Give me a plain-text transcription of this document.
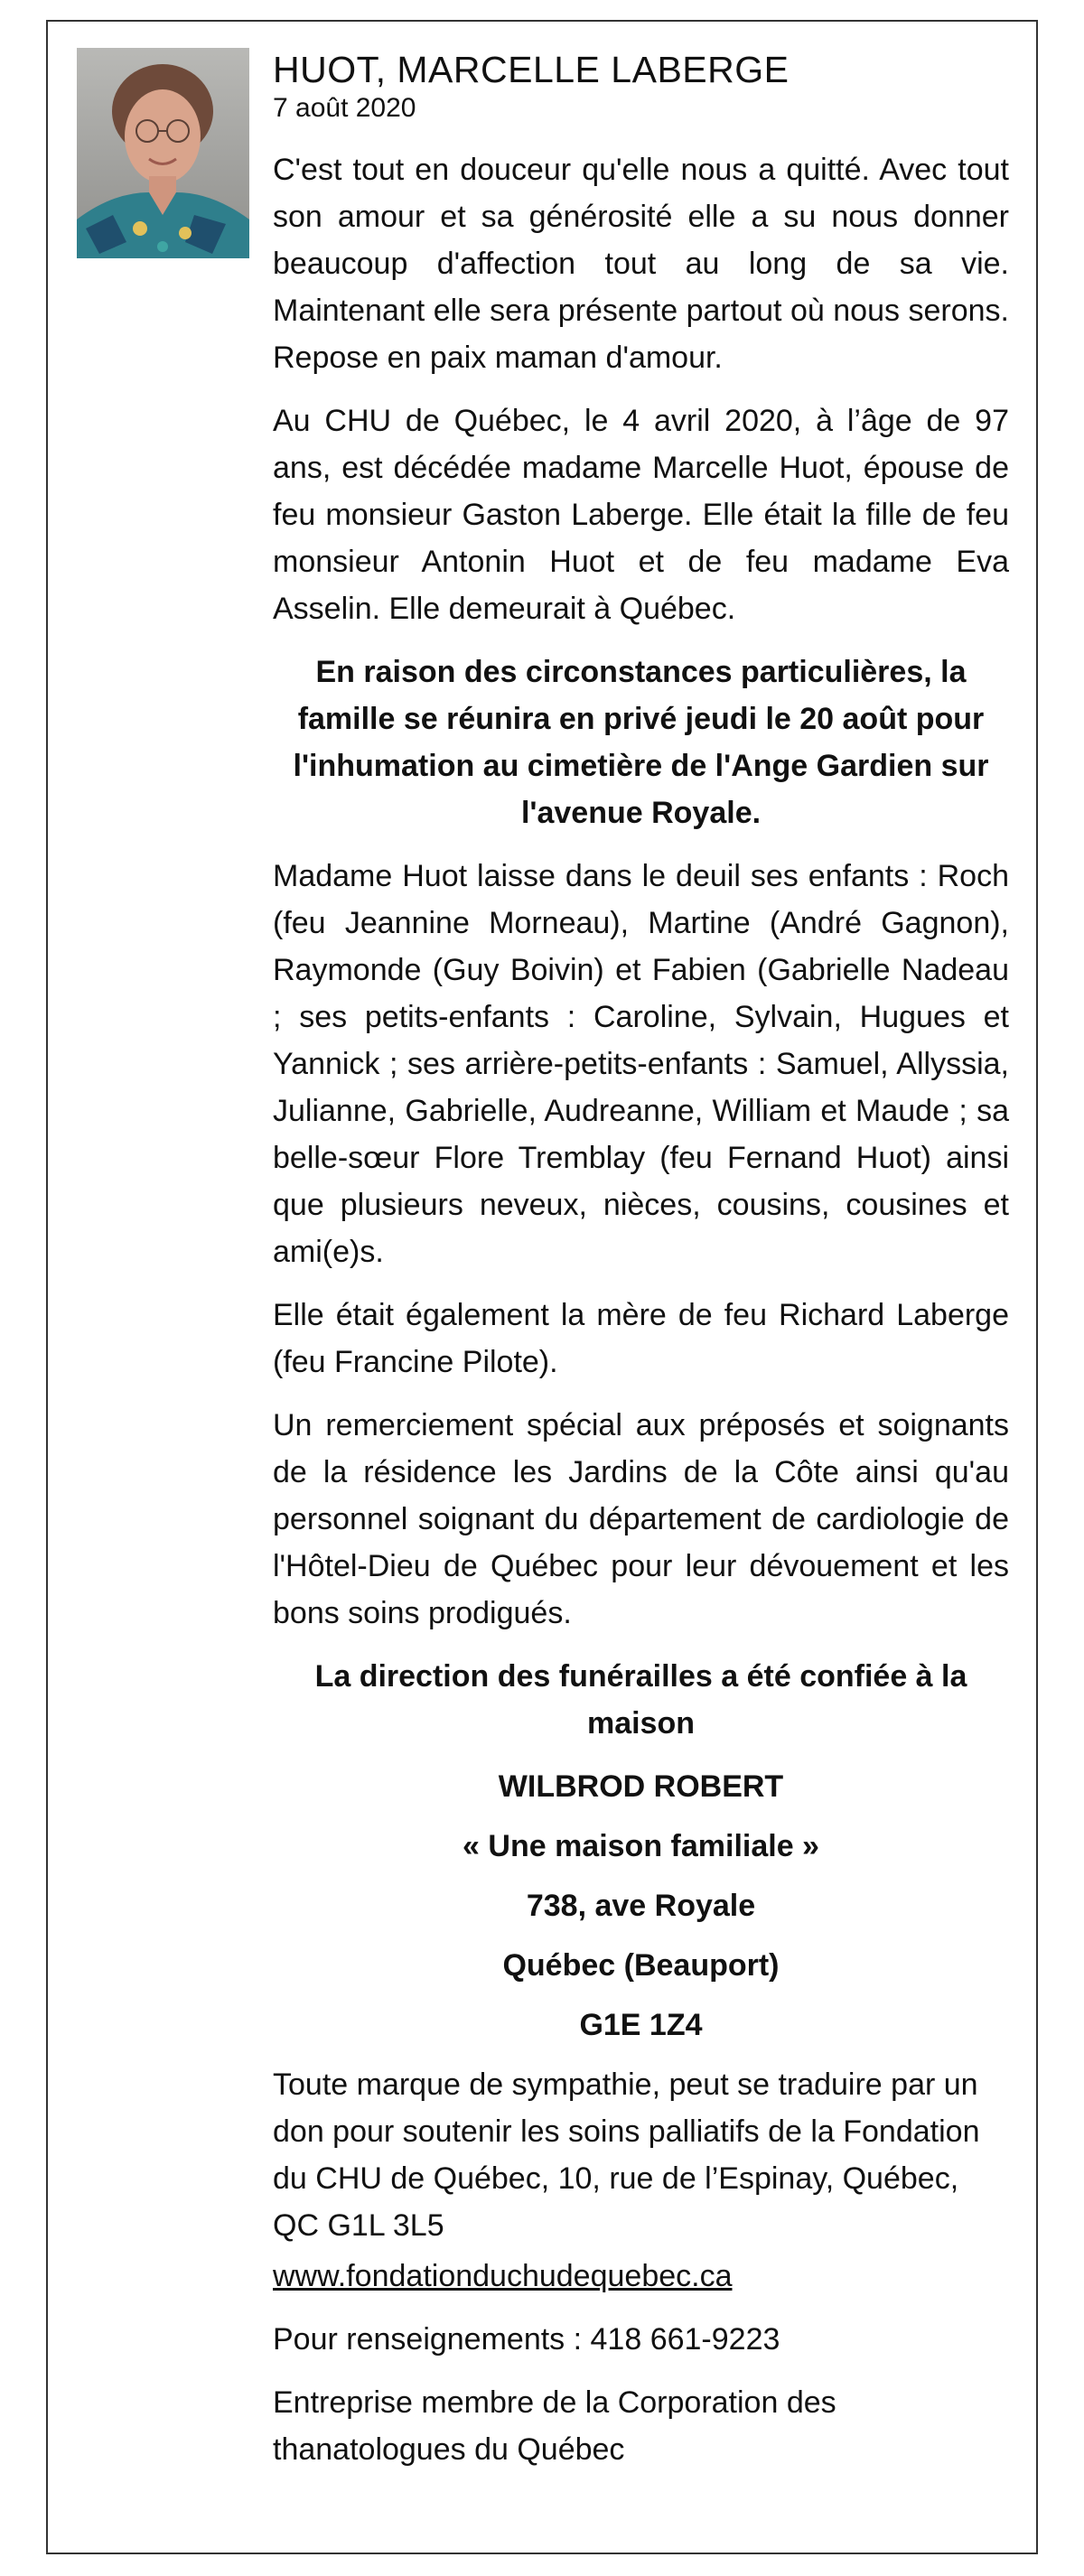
HUOT, MARCELLE LABERGE

7 août 2020

C'est tout en douceur qu'elle nous a quitté. Avec tout son amour et sa générosité elle a su nous donner beaucoup d'affection tout au long de sa vie. Maintenant elle sera présente partout où nous serons. Repose en paix maman d'amour.

Au CHU de Québec, le 4 avril 2020, à l’âge de 97 ans, est décédée madame Marcelle Huot, épouse de feu monsieur Gaston Laberge. Elle était la fille de feu monsieur Antonin Huot et de feu madame Eva Asselin. Elle demeurait à Québec.

En raison des circonstances particulières, la famille se réunira en privé jeudi le 20 août pour l'inhumation au cimetière de l'Ange Gardien sur l'avenue Royale.

Madame Huot laisse dans le deuil ses enfants : Roch (feu Jeannine Morneau), Martine (André Gagnon), Raymonde (Guy Boivin) et Fabien (Gabrielle Nadeau ; ses petits-enfants : Caroline, Sylvain, Hugues et Yannick ; ses arrière-petits-enfants : Samuel, Allyssia, Julianne, Gabrielle, Audreanne, William et Maude ; sa belle-sœur Flore Tremblay (feu Fernand Huot) ainsi que plusieurs neveux, nièces, cousins, cousines et ami(e)s.

Elle était également la mère de feu Richard Laberge (feu Francine Pilote).

Un remerciement spécial aux préposés et soignants de la résidence les Jardins de la Côte ainsi qu'au personnel soignant du département de cardiologie de l'Hôtel-Dieu de Québec pour leur dévouement et les bons soins prodigués.

La direction des funérailles a été confiée à la maison

WILBROD ROBERT

« Une maison familiale »

738, ave Royale

Québec (Beauport)

G1E 1Z4

Toute marque de sympathie, peut se traduire par un don pour soutenir les soins palliatifs de la Fondation du CHU de Québec, 10, rue de l’Espinay, Québec, QC G1L 3L5

www.fondationduchudequebec.ca

Pour renseignements : 418 661-9223

Entreprise membre de la Corporation des thanatologues du Québec
